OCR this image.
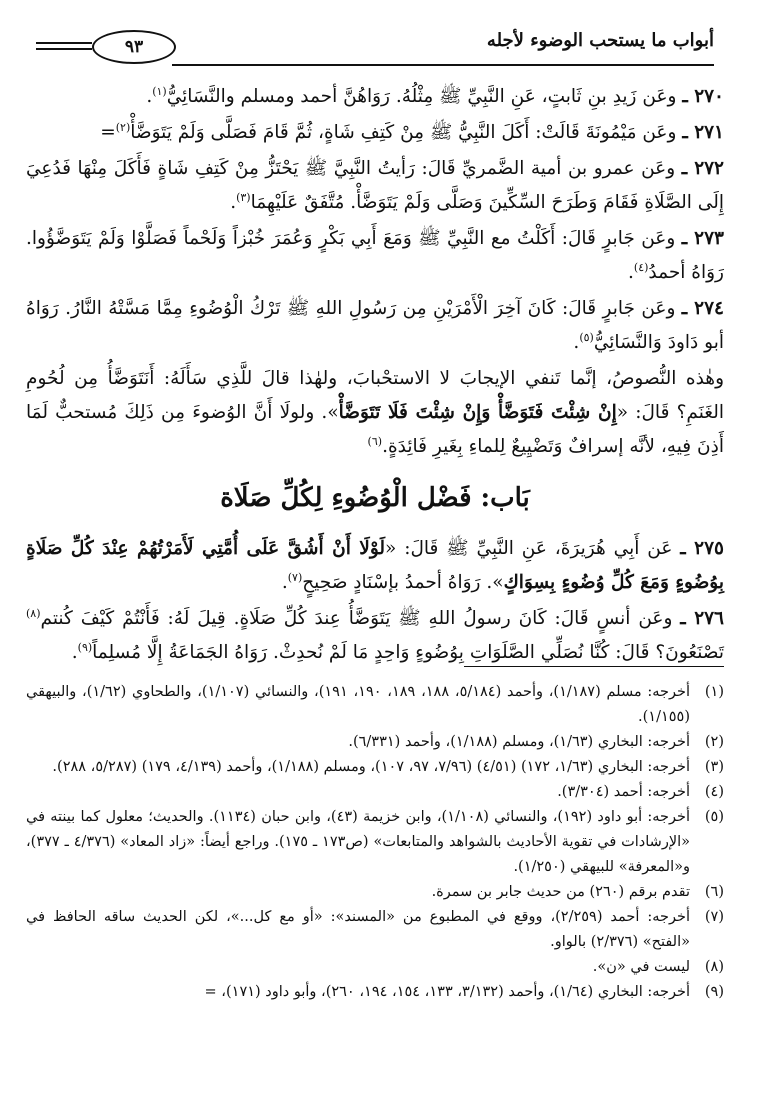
أبواب ما يستحب الوضوء لأجله
٩٣

٢٧٠ ـ وعَن زَيدِ بنِ ثَابتٍ، عَنِ النَّبِيِّ ﷺ مِثْلُهُ. رَوَاهُنَّ أحمد ومسلم والنَّسَائِيُّ$^{(١)}$.

٢٧١ ـ وعَن مَيْمُونَةَ قَالَتْ: أَكَلَ النَّبِيُّ ﷺ مِنْ كَتِفِ شَاةٍ، ثُمَّ قَامَ فَصَلَّى وَلَمْ يَتَوَضَّأْ$^{(٢)}$=

٢٧٢ ـ وعَن عمرو بن أمية الضَّمريِّ قَالَ: رَأيتُ النَّبِيَّ ﷺ يَحْتَزُّ مِنْ كَتِفِ شَاةٍ فَأَكَلَ مِنْهَا فَدُعِيَ إِلَى الصَّلَاةِ فَقَامَ وَطَرَحَ السِّكِّينَ وَصَلَّى وَلَمْ يَتَوَضَّأْ. مُتَّفَقٌ عَلَيْهِمَا$^{(٣)}$.

٢٧٣ ـ وعَن جَابرٍ قَالَ: أَكَلْتُ مع النَّبِيِّ ﷺ وَمَعَ أَبِي بَكْرٍ وَعُمَرَ خُبْزاً وَلَحْماً فَصَلَّوْا وَلَمْ يَتَوَضَّؤُوا. رَوَاهُ أحمدُ$^{(٤)}$.

٢٧٤ ـ وعَن جَابرٍ قَالَ: كَانَ آخِرَ الْأَمْرَيْنِ مِن رَسُولِ اللهِ ﷺ تَرْكُ الْوُضُوءِ مِمَّا مَسَّتْهُ النَّارُ. رَوَاهُ أبو دَاودَ وَالنَّسَائِيُّ$^{(٥)}$.

وهٰذه النُّصوصُ، إنَّما تَنفي الإيجابَ لا الاستحْبابَ، ولهٰذا قالَ للَّذِي سَأَلَهُ: أَنَتَوَضَّأُ مِن لُحُومِ الغَنَمِ؟ قَالَ: «إِنْ شِئْتَ فَتَوَضَّأْ وَإِنْ شِئْتَ فَلَا تَتَوَضَّأْ». ولولَا أَنَّ الوُضوءَ مِن ذَلِكَ مُستحبٌّ لَمَا أَذِنَ فِيهِ، لأنَّه إسرافٌ وَتَضْيِيعٌ لِلماءِ بِغَيرِ فَائِدَةٍ.$^{(٦)}$

بَاب: فَضْل الْوُضُوءِ لِكُلِّ صَلَاة

٢٧٥ ـ عَن أَبِي هُرَيرَةَ، عَنِ النَّبِيِّ ﷺ قَالَ: «لَوْلَا أَنْ أَشُقَّ عَلَى أُمَّتِي لَأَمَرْتُهُمْ عِنْدَ كُلِّ صَلَاةٍ بِوُضُوءٍ وَمَعَ كُلِّ وُضُوءٍ بِسِوَاكٍ». رَوَاهُ أحمدُ بإسْنَادٍ صَحِيحٍ$^{(٧)}$.

٢٧٦ ـ وعَن أنسٍ قَالَ: كَانَ رسولُ اللهِ ﷺ يَتَوَضَّأُ عِندَ كُلِّ صَلَاةٍ. قِيلَ لَهُ: فَأَنْتُمْ كَيْفَ كُنتم$^{(٨)}$ تَصْنَعُونَ؟ قَالَ: كُنَّا نُصَلِّي الصَّلَوَاتِ بِوُضُوءٍ وَاحِدٍ مَا لَمْ نُحدِثْ. رَوَاهُ الجَمَاعَةُ إِلَّا مُسلِماً$^{(٩)}$.

(١)
أخرجه: مسلم (١/١٨٧)، وأحمد (٥/١٨٤، ١٨٨، ١٨٩، ١٩٠، ١٩١)، والنسائي (١/١٠٧)، والطحاوي (١/٦٢)، والبيهقي (١/١٥٥).
(٢)
أخرجه: البخاري (١/٦٣)، ومسلم (١/١٨٨)، وأحمد (٦/٣٣١).
(٣)
أخرجه: البخاري (١/٦٣، ١٧٢) (٤/٥١) (٧/٩٦، ٩٧، ١٠٧)، ومسلم (١/١٨٨)، وأحمد (٤/١٣٩، ١٧٩) (٥/٢٨٧، ٢٨٨).
(٤)
أخرجه: أحمد (٣/٣٠٤).
(٥)
أخرجه: أبو داود (١٩٢)، والنسائي (١/١٠٨)، وابن خزيمة (٤٣)، وابن حبان (١١٣٤). والحديث؛ معلول كما بينته في «الإرشادات في تقوية الأحاديث بالشواهد والمتابعات» (ص١٧٣ ـ ١٧٥). وراجع أيضاً: «زاد المعاد» (٤/٣٧٦ ـ ٣٧٧)، و«المعرفة» للبيهقي (١/٢٥٠).
(٦)
تقدم برقم (٢٦٠) من حديث جابر بن سمرة.
(٧)
أخرجه: أحمد (٢/٢٥٩)، ووقع في المطبوع من «المسند»: «أو مع كل...»، لكن الحديث ساقه الحافظ في «الفتح» (٢/٣٧٦) بالواو.
(٨)
ليست في «ن».
(٩)
أخرجه: البخاري (١/٦٤)، وأحمد (٣/١٣٢، ١٣٣، ١٥٤، ١٩٤، ٢٦٠)، وأبو داود (١٧١)، =
